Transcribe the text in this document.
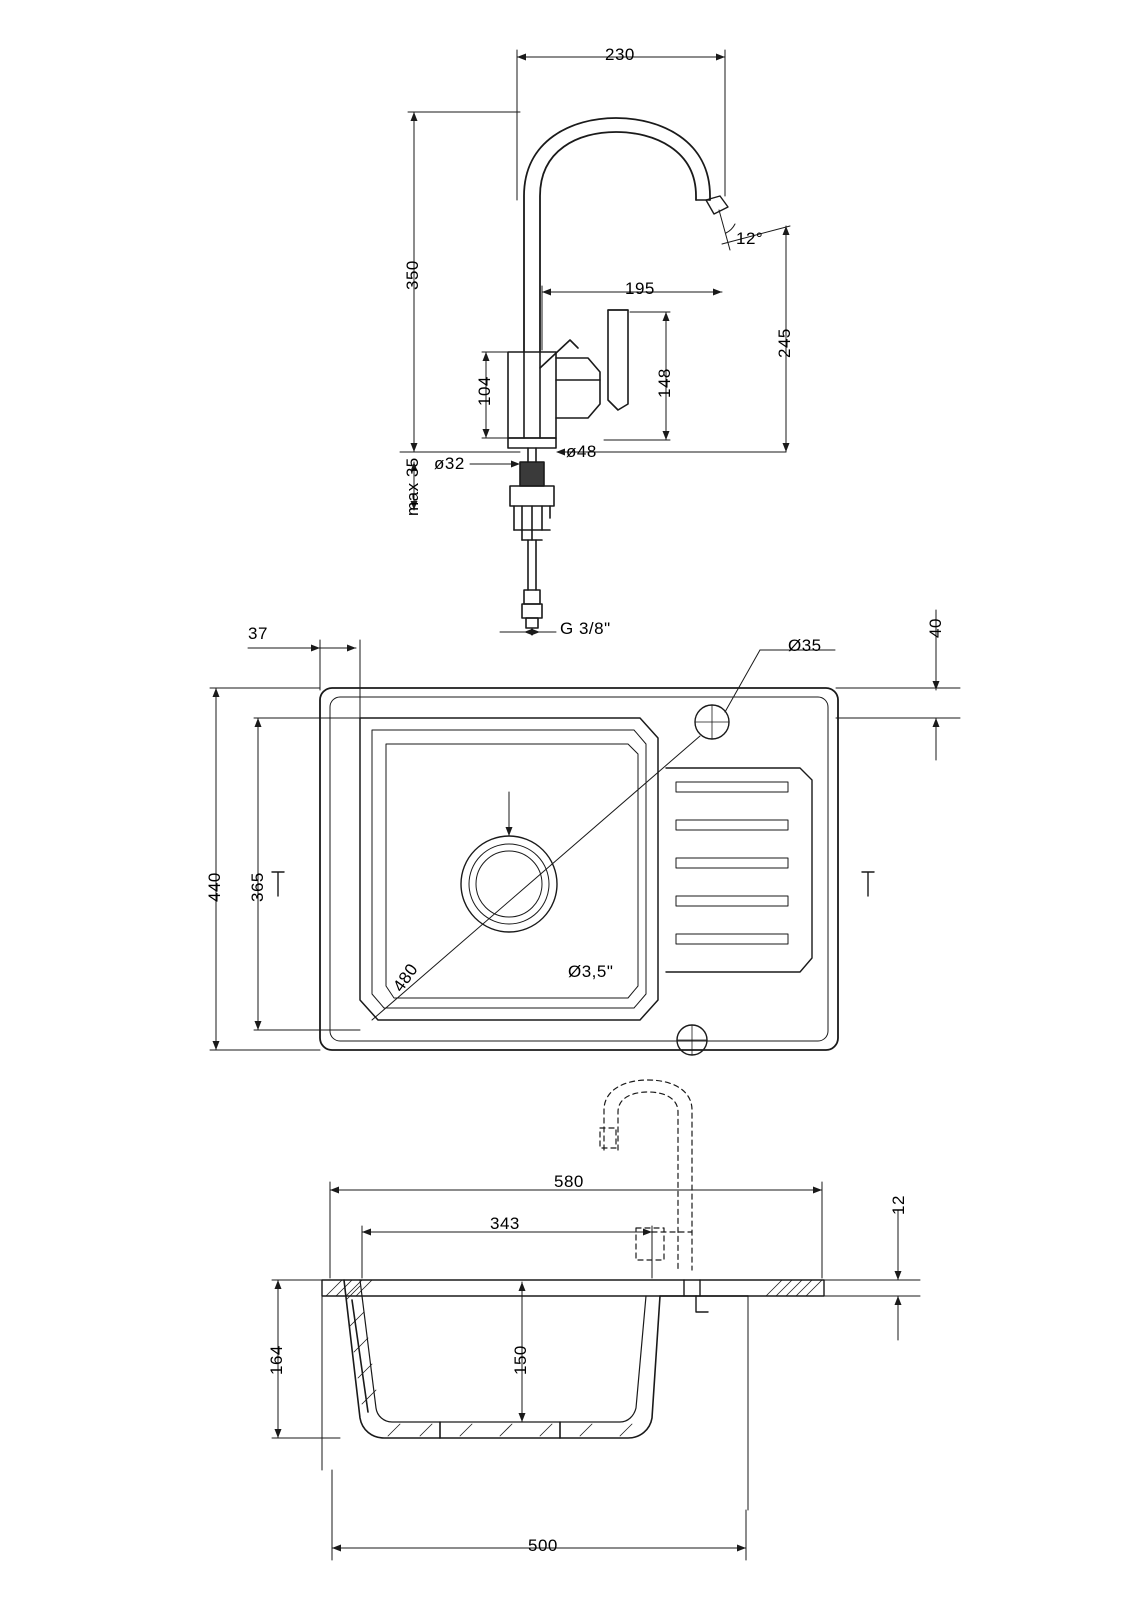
230
350	195
245
148
104
12°
ø32
ø48
max 35
G 3/8"
37
Ø35
40
440 365
480	Ø3,5"
580
343
12
164	150
500
